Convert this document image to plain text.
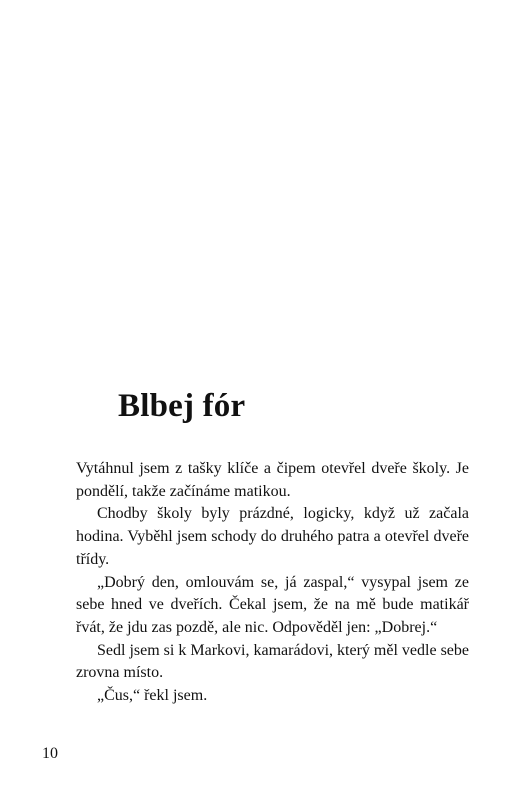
Blbej fór

Vytáhnul jsem z tašky klíče a čipem otevřel dveře školy. Je pondělí, takže začínáme matikou.

Chodby školy byly prázdné, logicky, když už začala hodina. Vyběhl jsem schody do druhého patra a otevřel dveře třídy.

„Dobrý den, omlouvám se, já zaspal,“ vysypal jsem ze sebe hned ve dveřích. Čekal jsem, že na mě bude matikář řvát, že jdu zas pozdě, ale nic. Odpověděl jen: „Dobrej.“

Sedl jsem si k Markovi, kamarádovi, který měl vedle sebe zrovna místo.

„Čus,“ řekl jsem.

10
